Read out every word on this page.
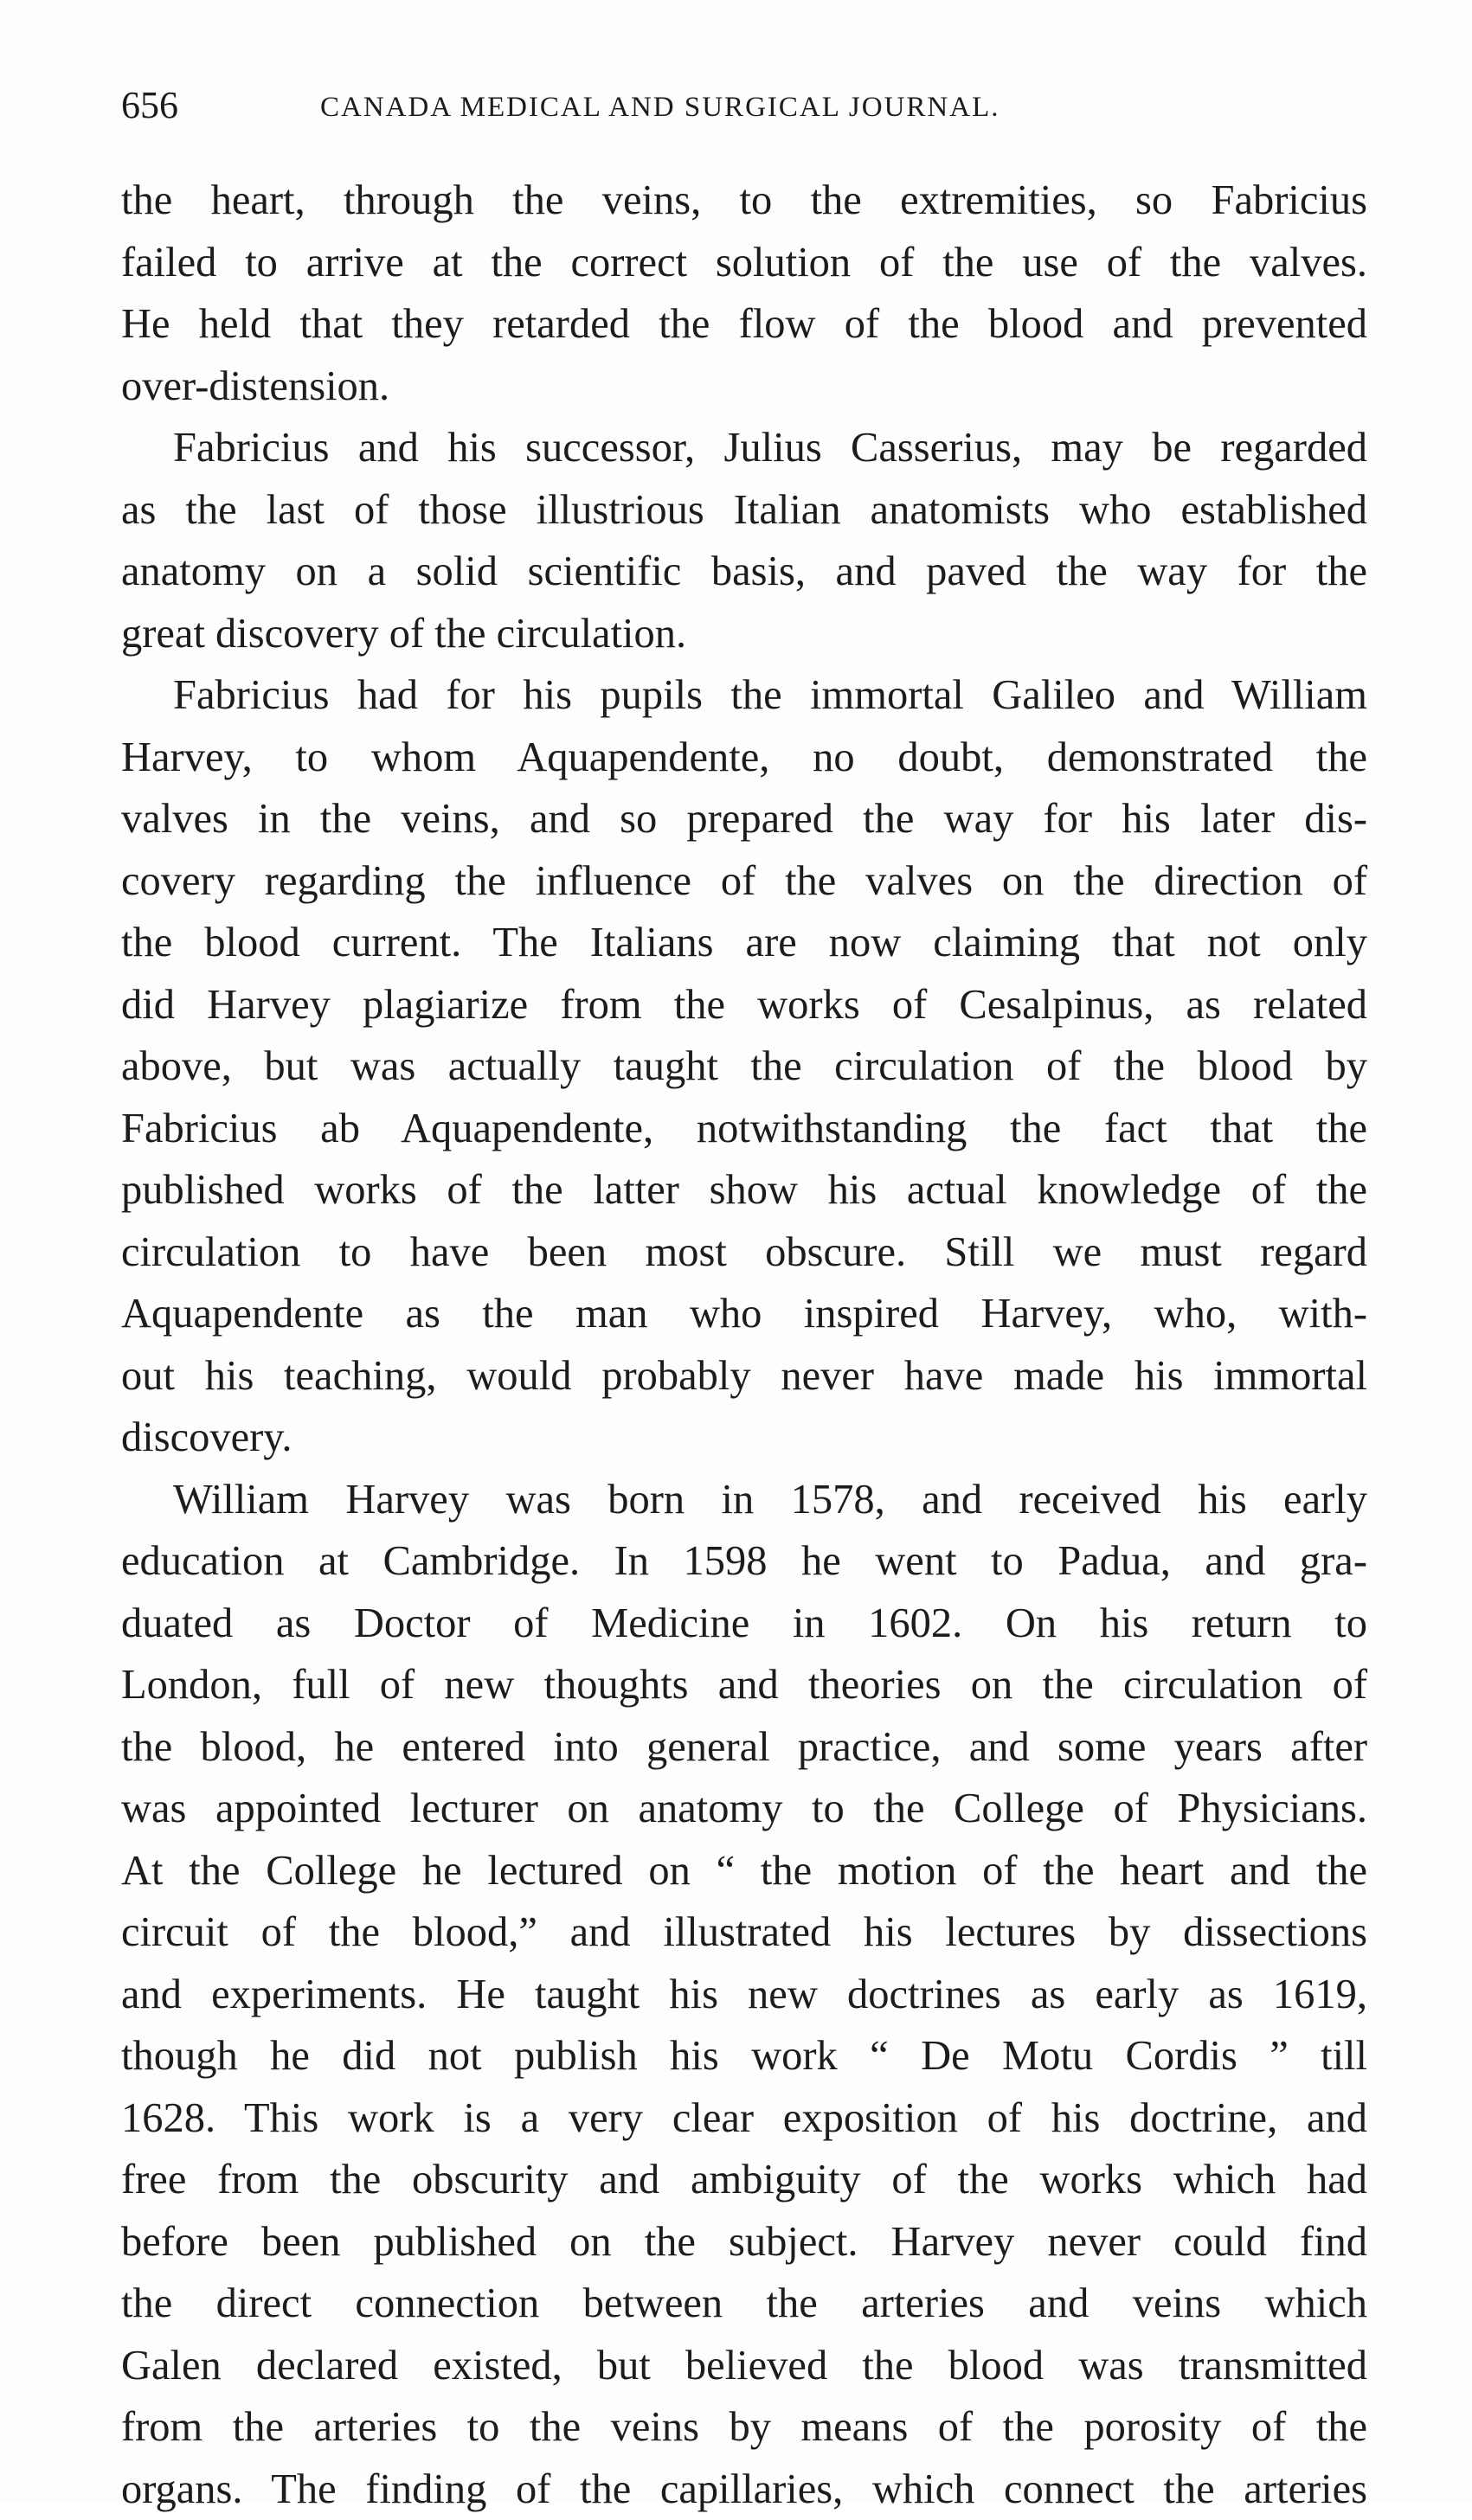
656	CANADA MEDICAL AND SURGICAL JOURNAL.
the heart, through the veins, to the extremities, so Fabricius
failed to arrive at the correct solution of the use of the valves.
He held that they retarded the flow of the blood and prevented
over-distension.
Fabricius and his successor, Julius Casserius, may be regarded
as the last of those illustrious Italian anatomists who established
anatomy on a solid scientific basis, and paved the way for the
great discovery of the circulation.
Fabricius had for his pupils the immortal Galileo and William
Harvey, to whom Aquapendente, no doubt, demonstrated the
valves in the veins, and so prepared the way for his later dis-
covery regarding the influence of the valves on the direction of
the blood current. The Italians are now claiming that not only
did Harvey plagiarize from the works of Cesalpinus, as related
above, but was actually taught the circulation of the blood by
Fabricius ab Aquapendente, notwithstanding the fact that the
published works of the latter show his actual knowledge of the
circulation to have been most obscure. Still we must regard
Aquapendente as the man who inspired Harvey, who, with-
out his teaching, would probably never have made his immortal
discovery.
William Harvey was born in 1578, and received his early
education at Cambridge. In 1598 he went to Padua, and gra-
duated as Doctor of Medicine in 1602. On his return to
London, full of new thoughts and theories on the circulation of
the blood, he entered into general practice, and some years after
was appointed lecturer on anatomy to the College of Physicians.
At the College he lectured on “ the motion of the heart and the
circuit of the blood,” and illustrated his lectures by dissections
and experiments. He taught his new doctrines as early as 1619,
though he did not publish his work “ De Motu Cordis ” till
1628. This work is a very clear exposition of his doctrine, and
free from the obscurity and ambiguity of the works which had
before been published on the subject. Harvey never could find
the direct connection between the arteries and veins which
Galen declared existed, but believed the blood was transmitted
from the arteries to the veins by means of the porosity of the
organs. The finding of the capillaries, which connect the arteries
